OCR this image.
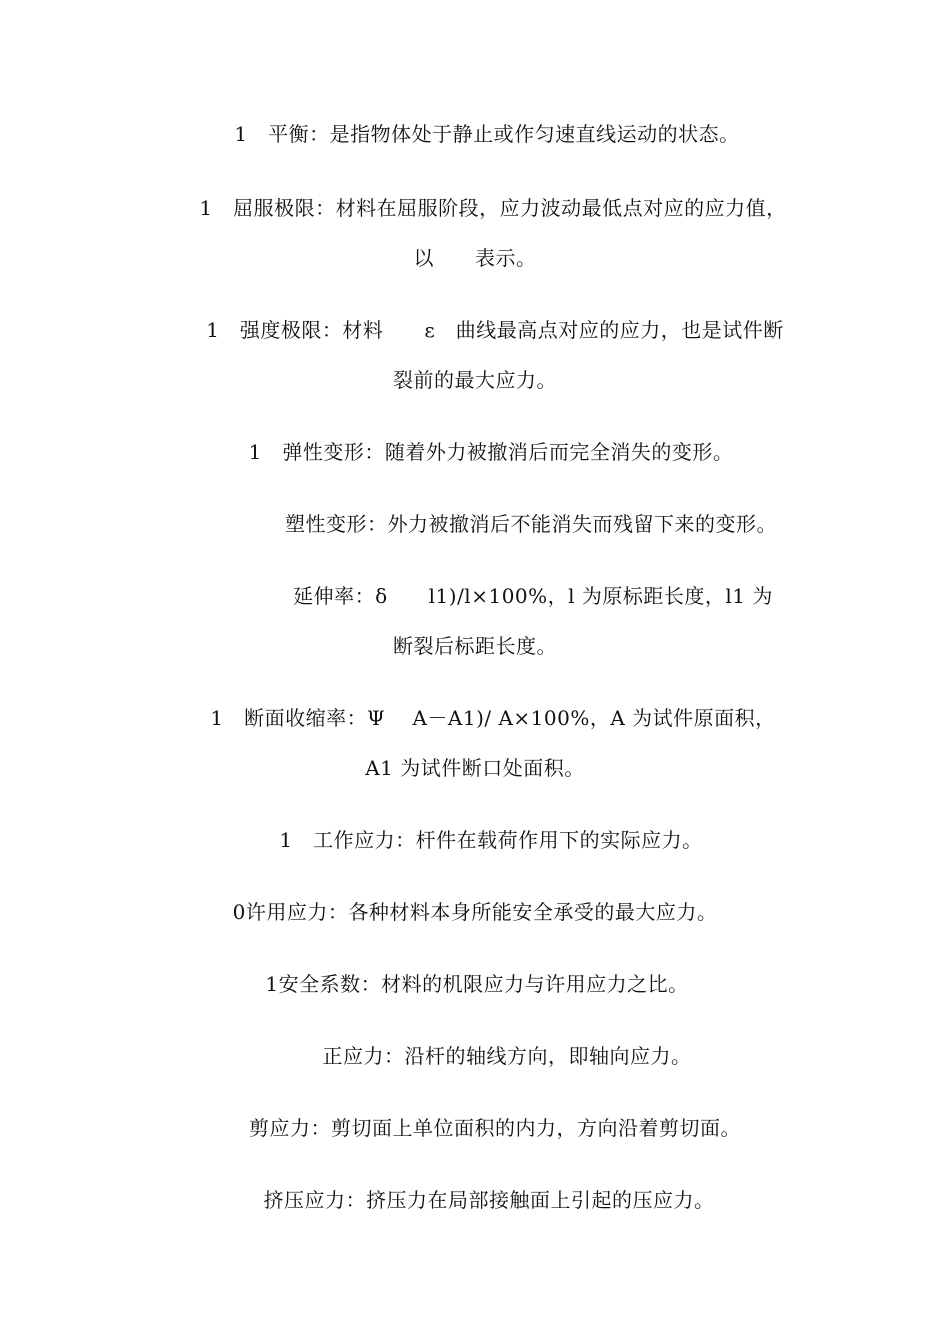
1　平衡：是指物体处于静止或作匀速直线运动的状态。
1　屈服极限：材料在屈服阶段，应力波动最低点对应的应力值，
以　　表示。
1　强度极限：材料　　ε　曲线最高点对应的应力，也是试件断
裂前的最大应力。
1　弹性变形：随着外力被撤消后而完全消失的变形。
塑性变形：外力被撤消后不能消失而残留下来的变形。
延伸率：δ　　l1)/l×100%，l 为原标距长度，l1 为
断裂后标距长度。
1　断面收缩率：Ψ　 A－A1)/ A×100%，A 为试件原面积，
A1 为试件断口处面积。
1　工作应力：杆件在载荷作用下的实际应力。
0许用应力：各种材料本身所能安全承受的最大应力。
1安全系数：材料的机限应力与许用应力之比。
正应力：沿杆的轴线方向，即轴向应力。
剪应力：剪切面上单位面积的内力，方向沿着剪切面。
挤压应力：挤压力在局部接触面上引起的压应力。
